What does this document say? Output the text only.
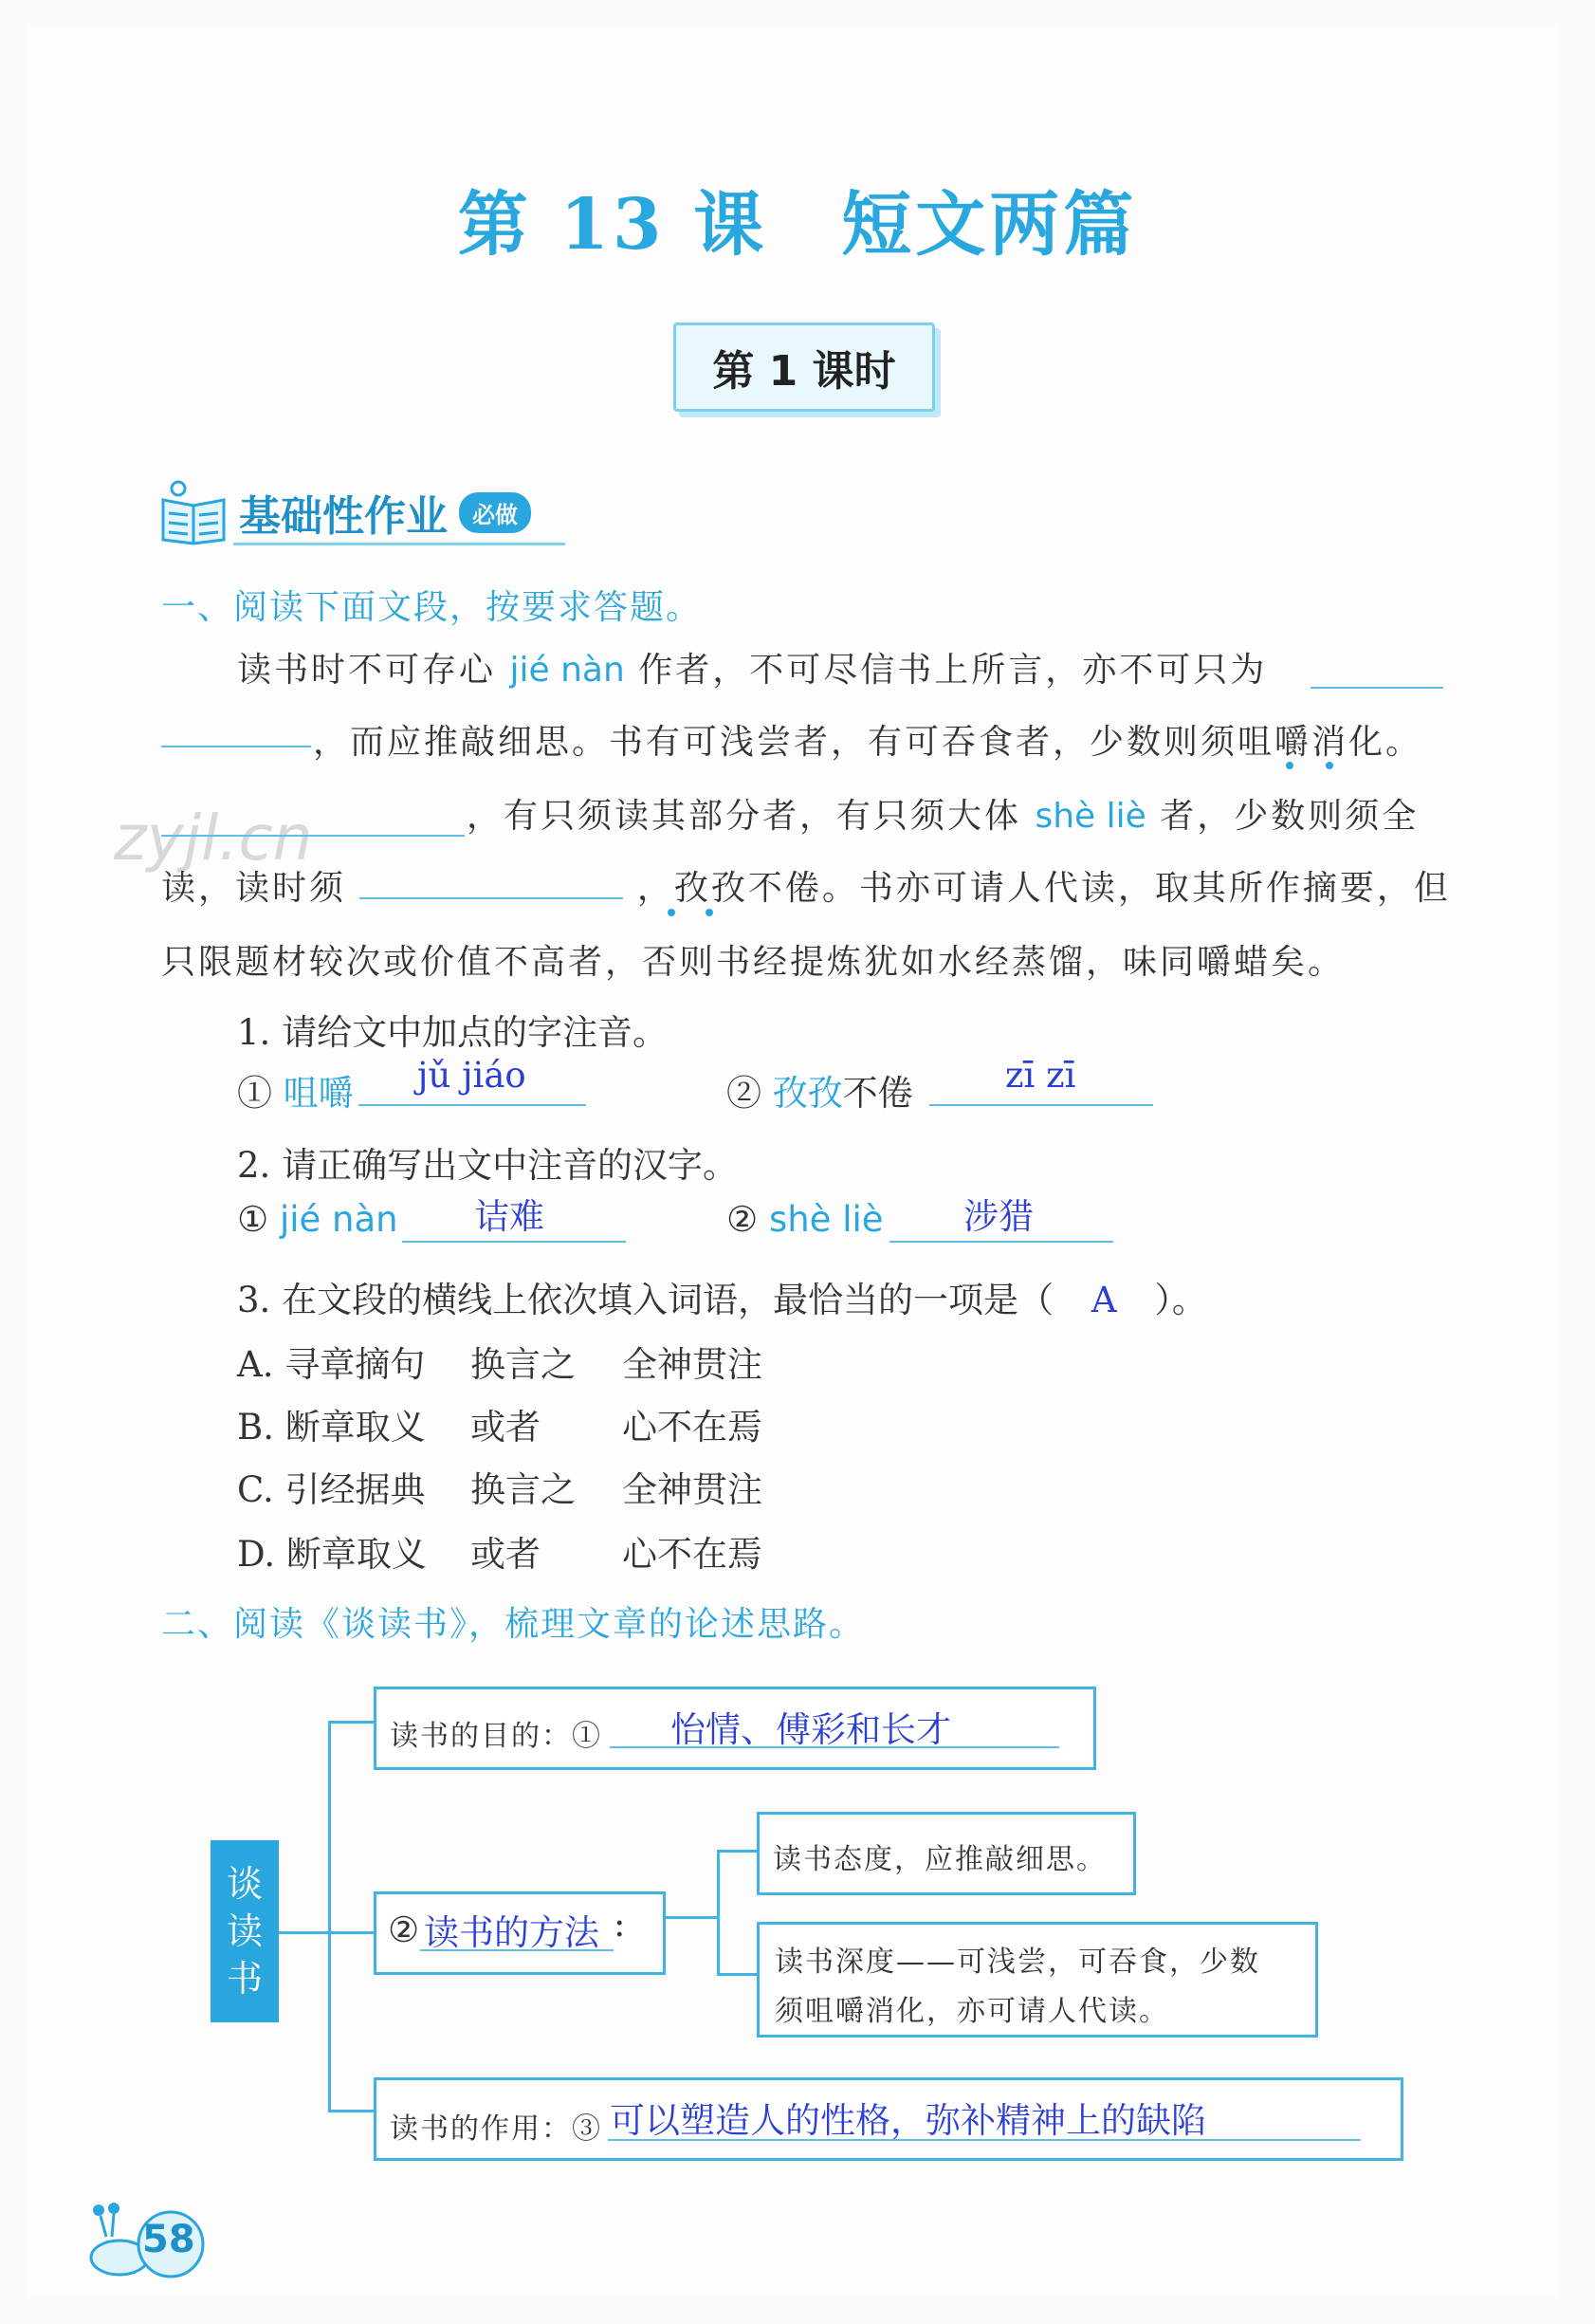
zyjl.cn
第 13 课　短文两篇
第 1 课时
基础性作业	必做
一、阅读下面文段，按要求答题。
读书时不可存心 jié nàn 作者，不可尽信书上所言，亦不可只为
，而应推敲细思。书有可浅尝者，有可吞食者，少数则须咀嚼消化。
，有只须读其部分者，有只须大体 shè liè 者，少数则须全
读，读时须	，孜孜不倦。书亦可请人代读，取其所作摘要，但
只限题材较次或价值不高者，否则书经提炼犹如水经蒸馏，味同嚼蜡矣。
1. 请给文中加点的字注音。
① 咀嚼 jǔ jiáo	② 孜孜不倦	zī zī
2. 请正确写出文中注音的汉字。
① jié nàn 诘难	② shè liè 涉猎
3. 在文段的横线上依次填入词语，最恰当的一项是（ A ）。
A. 寻章摘句 换言之 全神贯注
B. 断章取义 或者 心不在焉
C. 引经据典 换言之 全神贯注
D. 断章取义 或者 心不在焉
二、阅读《谈读书》，梳理文章的论述思路。
谈
读
书
读书的目的：① 怡情、傅彩和长才
② 读书的方法 :
读书态度，应推敲细思。
读书深度——可浅尝，可吞食，少数
须咀嚼消化，亦可请人代读。
读书的作用：③ 可以塑造人的性格，弥补精神上的缺陷
58
